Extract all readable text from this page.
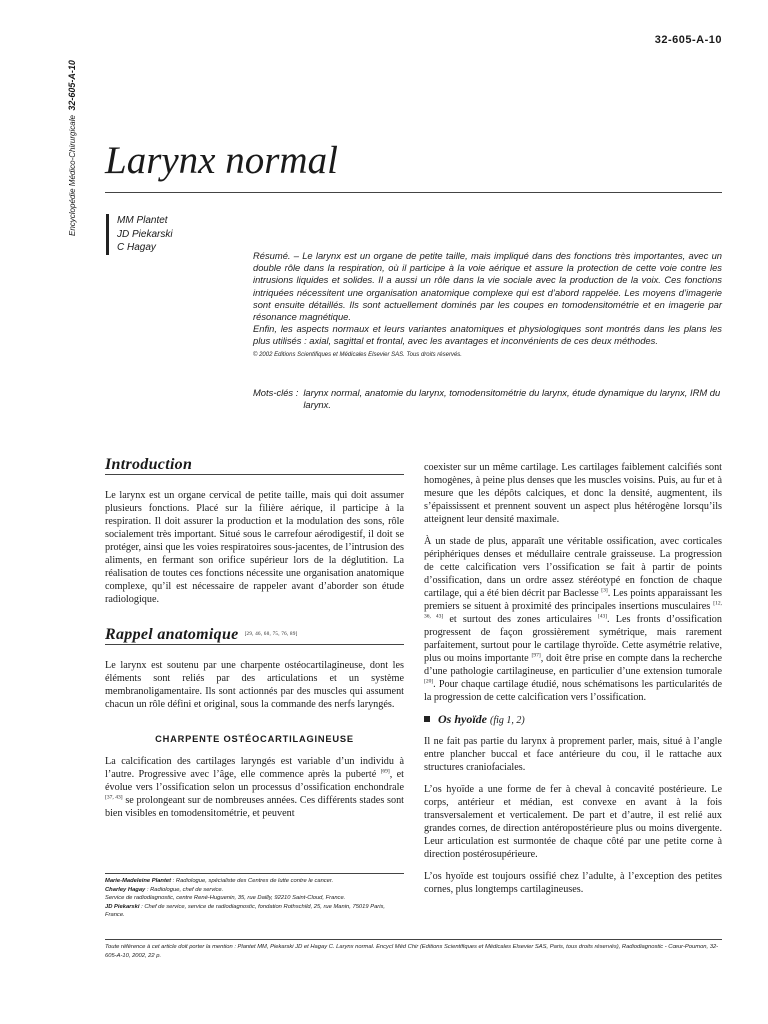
Encyclopédie Médico-Chirurgicale  32-605-A-10
32-605-A-10
Larynx normal
MM Plantet
JD Piekarski
C Hagay

Résumé. – Le larynx est un organe de petite taille, mais impliqué dans des fonctions très importantes, avec un double rôle dans la respiration, où il participe à la voie aérique et assure la protection de cette voie contre les intrusions liquides et solides. Il a aussi un rôle dans la vie sociale avec la production de la voix. Ces fonctions intriquées nécessitent une organisation anatomique complexe qui est d’abord rappelée. Les moyens d’imagerie sont ensuite détaillés. Ils sont actuellement dominés par les coupes en tomodensitométrie et en imagerie par résonance magnétique.

Enfin, les aspects normaux et leurs variantes anatomiques et physiologiques sont montrés dans les plans les plus utilisés : axial, sagittal et frontal, avec les avantages et inconvénients de ces deux méthodes.

© 2002 Editions Scientifiques et Médicales Elsevier SAS. Tous droits réservés.
Mots-clés : larynx normal, anatomie du larynx, tomodensitométrie du larynx, étude dynamique du larynx, IRM du larynx.
Introduction

Le larynx est un organe cervical de petite taille, mais qui doit assumer plusieurs fonctions. Placé sur la filière aérique, il participe à la respiration. Il doit assurer la production et la modulation des sons, rôle socialement très important. Situé sous le carrefour aérodigestif, il doit se protéger, ainsi que les voies respiratoires sous-jacentes, de l’intrusion des aliments, en fermant son orifice supérieur lors de la déglutition. La réalisation de toutes ces fonctions nécessite une organisation anatomique complexe, qu’il est nécessaire de rappeler avant d’aborder son étude radiologique.

Rappel anatomique [29, 46, 60, 75, 76, 89]

Le larynx est soutenu par une charpente ostéocartilagineuse, dont les éléments sont reliés par des articulations et un système membranoligamentaire. Ils sont actionnés par des muscles qui assument chacun un rôle défini et original, sous la commande des nerfs laryngés.

CHARPENTE OSTÉOCARTILAGINEUSE

La calcification des cartilages laryngés est variable d’un individu à l’autre. Progressive avec l’âge, elle commence après la puberté [69], et évolue vers l’ossification selon un processus d’ossification enchondrale [37, 43] se prolongeant sur de nombreuses années. Ces différents stades sont bien visibles en tomodensitométrie, et peuvent

coexister sur un même cartilage. Les cartilages faiblement calcifiés sont homogènes, à peine plus denses que les muscles voisins. Puis, au fur et à mesure que les dépôts calciques, et donc la densité, augmentent, ils s’épaississent et prennent souvent un aspect plus hétérogène lorsqu’ils atteignent leur densité maximale.

À un stade de plus, apparaît une véritable ossification, avec corticales périphériques denses et médullaire centrale graisseuse. La progression de cette calcification vers l’ossification se fait à partir de points d’ossification, dans un ordre assez stéréotypé en fonction de chaque cartilage, qui a été bien décrit par Baclesse [3]. Les points apparaissant les premiers se situent à proximité des principales insertions musculaires [12, 36, 43] et surtout des zones articulaires [43]. Les fronts d’ossification progressent de façon grossièrement symétrique, mais rarement parfaitement, surtout pour le cartilage thyroïde. Cette asymétrie relative, plus ou moins importante [97], doit être prise en compte dans la recherche d’une pathologie cartilagineuse, en particulier d’une extension tumorale [20]. Pour chaque cartilage étudié, nous schématisons les particularités de la progression de cette calcification vers l’ossification.

Os hyoïde (fig 1, 2)

Il ne fait pas partie du larynx à proprement parler, mais, situé à l’angle entre plancher buccal et face antérieure du cou, il le rattache aux structures craniofaciales.

L’os hyoïde a une forme de fer à cheval à concavité postérieure. Le corps, antérieur et médian, est convexe en avant à la fois transversalement et verticalement. De part et d’autre, il est relié aux grandes cornes, de direction antéropostérieure plus ou moins divergente. Leur articulation est surmontée de chaque côté par une petite corne à direction postérosupérieure.

L’os hyoïde est toujours ossifié chez l’adulte, à l’exception des petites cornes, plus longtemps cartilagineuses.

Marie-Madeleine Plantet : Radiologue, spécialiste des Centres de lutte contre le cancer.

Charley Hagay : Radiologue, chef de service.

Service de radiodiagnostic, centre René-Huguenin, 35, rue Dailly, 92210 Saint-Cloud, France.

JD Piekarski : Chef de service, service de radiodiagnostic, fondation Rothschild, 25, rue Manin, 75019 Paris, France.

Toute référence à cet article doit porter la mention : Plantet MM, Piekarski JD et Hagay C. Larynx normal. Encycl Méd Chir (Editions Scientifiques et Médicales Elsevier SAS, Paris, tous droits réservés), Radiodiagnostic - Cœur-Poumon, 32-605-A-10, 2002, 22 p.
